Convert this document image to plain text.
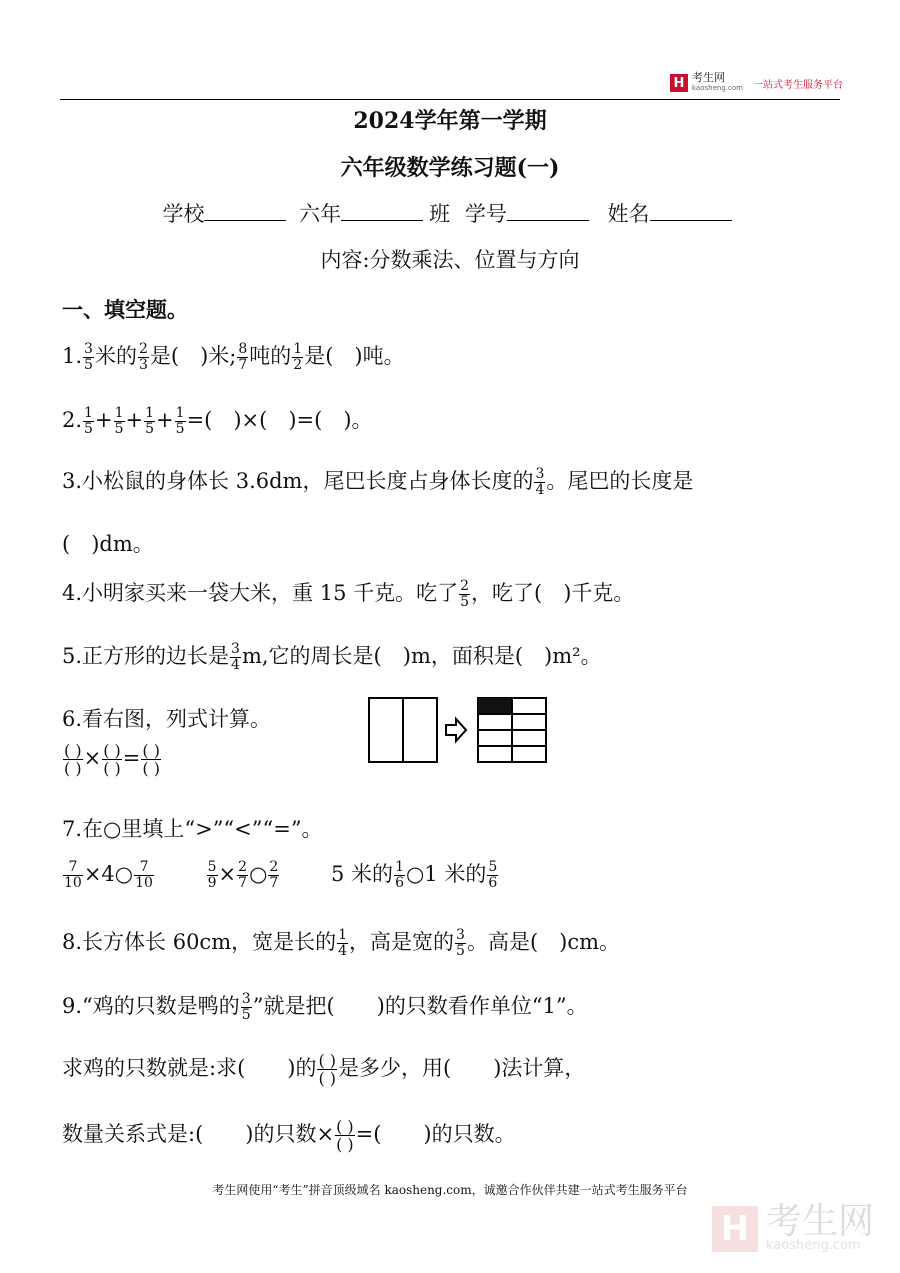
H 考生网
kaosheng.com 一站式考生服务平台
2024学年第一学期
六年级数学练习题(一)
学校	六年	班 学号	姓名
内容:分数乘法、位置与方向
一、填空题。
1. $\frac{3}{5}$ 米的 $\frac{2}{3}$ 是(　)米; $\frac{8}{7}$ 吨的 $\frac{1}{2}$ 是(　)吨。
2. $\frac{1}{5} + \frac{1}{5} + \frac{1}{5} + \frac{1}{5}$ =(　)×(　)=(　)。
3.小松鼠的身体长 3.6dm，尾巴长度占身体长度的 $\frac{3}{4}$ 。尾巴的长度是
(　)dm。
4.小明家买来一袋大米，重 15 千克。吃了 $\frac{2}{5}$ ，吃了(　)千克。
5.正方形的边长是 $\frac{3}{4} m$,它的周长是(　)m，面积是(　)m²。
6.看右图，列式计算。
$\frac{( )}{( )} \times \frac{( )}{( )} = \frac{( )}{( )}$
7.在○里填上“>”“<”“=”。
$\frac{7}{10}$ ×4○ $\frac{7}{10}$
	$\frac{5}{9} \times \frac{2}{7}$ ○ $\frac{2}{7} 5$ 米的 $\frac{1}{6}$ ○1 米的 $\frac{5}{6}$
8.长方体长 60cm，宽是长的 $\frac{1}{4}$ ，高是宽的 $\frac{3}{5}$ 。高是(　)cm。
9.“鸡的只数是鸭的 $\frac{3}{5}$ ”就是把(　　)的只数看作单位“1”。
求鸡的只数就是:求(　　)的 $\frac{( )}{( )}$ 是多少，用(　　)法计算，
数量关系式是:(　　)的只数× $\frac{( )}{( )}$ =(　　)的只数。
考生网使用“考生”拼音顶级域名 kaosheng.com，诚邀合作伙伴共建一站式考生服务平台
H 考生网
kaosheng.com
